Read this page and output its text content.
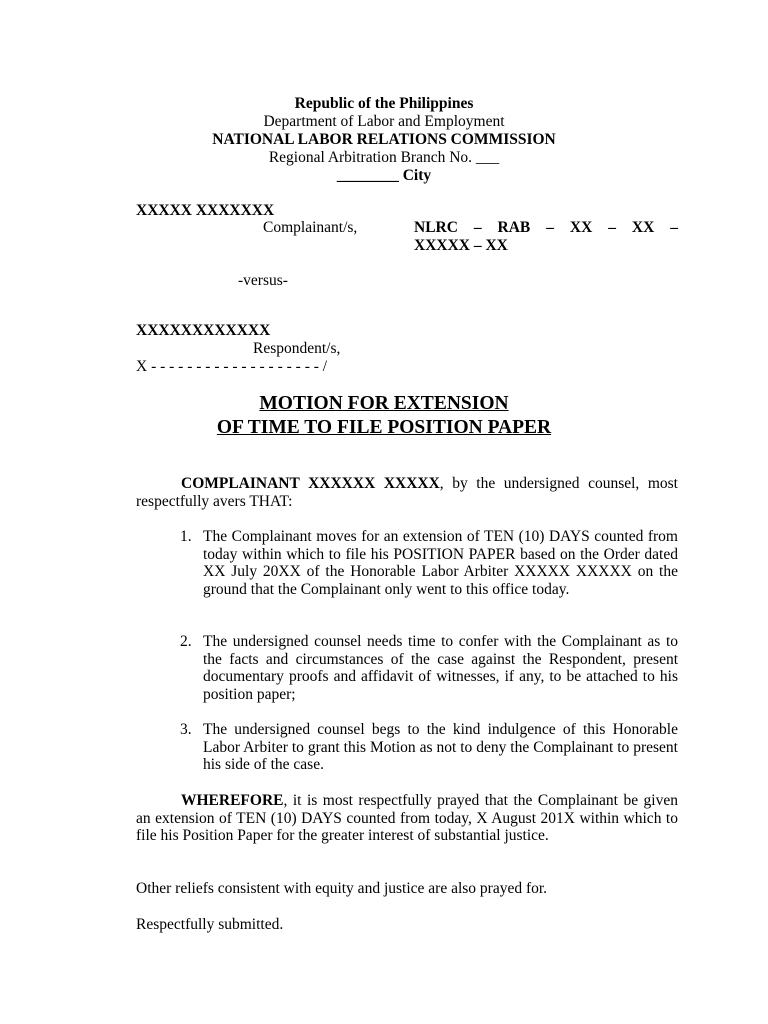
Republic of the Philippines
Department of Labor and Employment
NATIONAL LABOR RELATIONS COMMISSION
Regional Arbitration Branch No. ___
________ City
XXXXX XXXXXXX
Complainant/s,	NLRC – RAB – XX – XX –
XXXXX – XX
-versus-
XXXXXXXXXXXX
Respondent/s,
X - - - - - - - - - - - - - - - - - - - /
MOTION FOR EXTENSION
OF TIME TO FILE POSITION PAPER
COMPLAINANT XXXXXX XXXXX, by the undersigned counsel, most respectfully avers THAT:
1. The Complainant moves for an extension of TEN (10) DAYS counted from today within which to file his POSITION PAPER based on the Order dated XX July 20XX of the Honorable Labor Arbiter XXXXX XXXXX on the ground that the Complainant only went to this office today.
2. The undersigned counsel needs time to confer with the Complainant as to the facts and circumstances of the case against the Respondent, present documentary proofs and affidavit of witnesses, if any, to be attached to his position paper;
3. The undersigned counsel begs to the kind indulgence of this Honorable Labor Arbiter to grant this Motion as not to deny the Complainant to present his side of the case.
WHEREFORE, it is most respectfully prayed that the Complainant be given an extension of TEN (10) DAYS counted from today, X August 201X within which to file his Position Paper for the greater interest of substantial justice.
Other reliefs consistent with equity and justice are also prayed for.
Respectfully submitted.
